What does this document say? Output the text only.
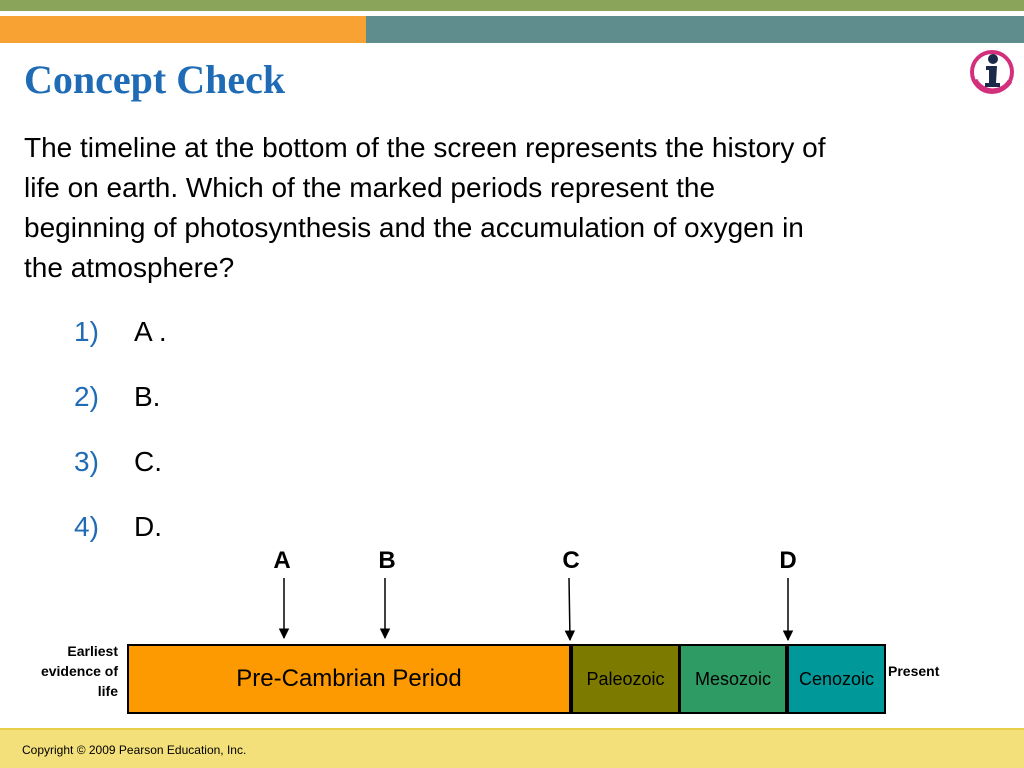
Concept Check

The timeline at the bottom of the screen represents the history of life on earth. Which of the marked periods represent the beginning of photosynthesis and the accumulation of oxygen in the atmosphere?

1) A .
2) B.
3) C.
4) D.
A	B	C	D
Earliest evidence of life	Pre-Cambrian Period	Paleozoic	Mesozoic	Cenozoic Present
Copyright © 2009 Pearson Education, Inc.
